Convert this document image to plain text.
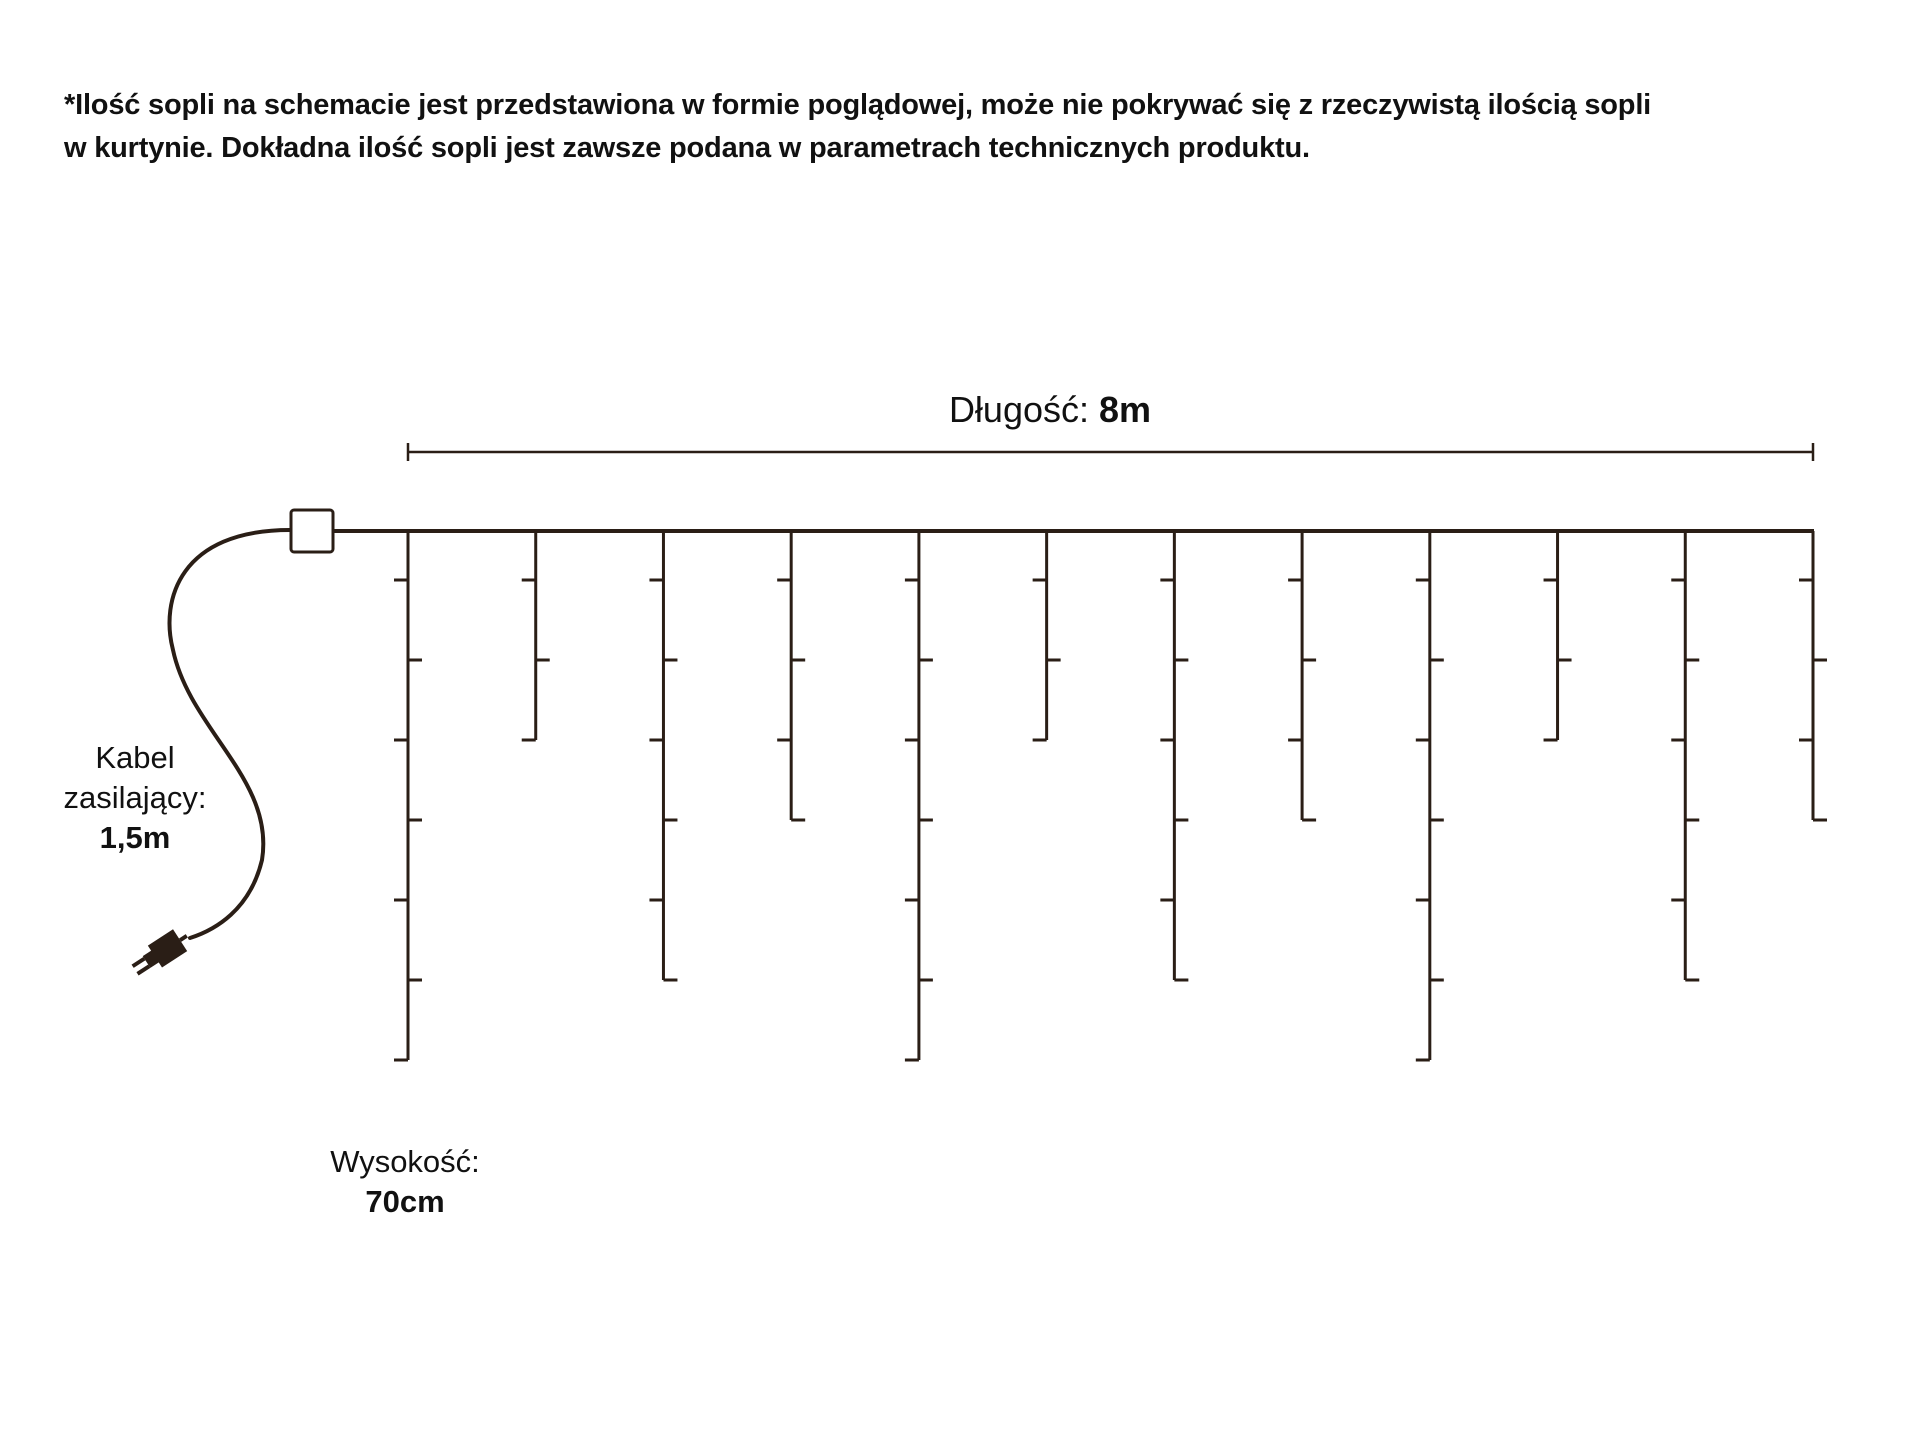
*Ilość sopli na schemacie jest przedstawiona w formie poglądowej, może nie pokrywać się z rzeczywistą ilością sopli
w kurtynie. Dokładna ilość sopli jest zawsze podana w parametrach technicznych produktu.

Długość: 8m
Kabel
zasilający:
1,5m
Wysokość:
70cm
